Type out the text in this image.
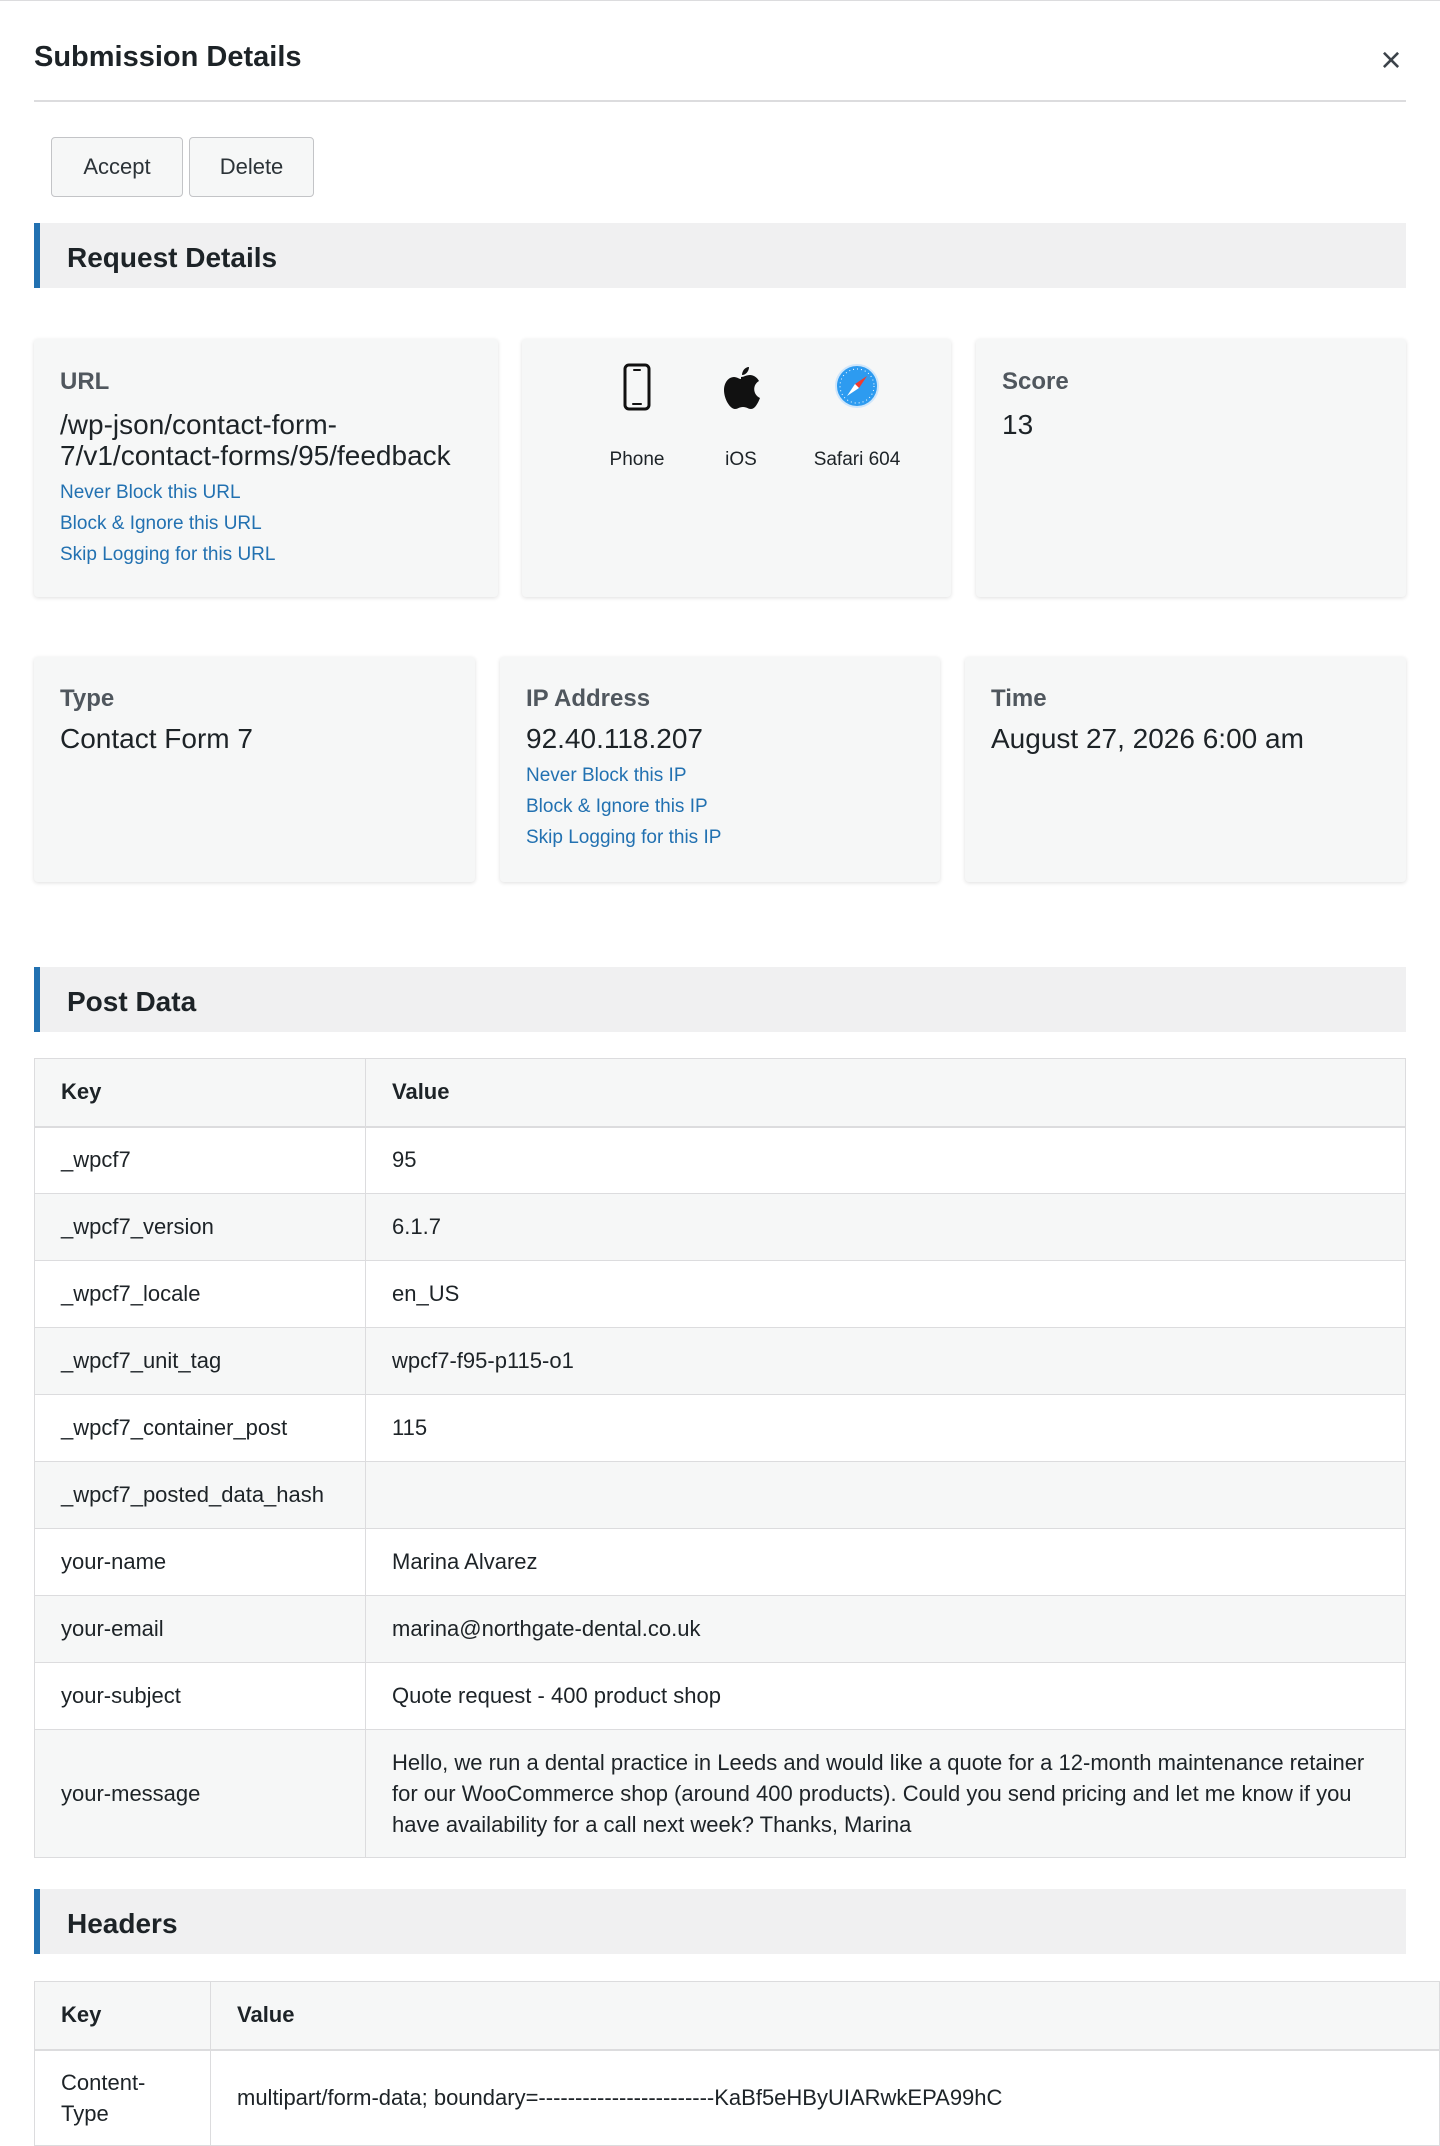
Submission Details	×
Accept	Delete
Request Details
URL
/wp-json/contact-form-
7/v1/contact-forms/95/feedback
Never Block this URL
Block & Ignore this URL
Skip Logging for this URL
Phone	iOS	Safari 604
Score
13
Type
Contact Form 7
IP Address
92.40.118.207
Never Block this IP
Block & Ignore this IP
Skip Logging for this IP
Time
August 27, 2026 6:00 am
Post Data
Key	Value
_wpcf7	95
_wpcf7_version	6.1.7
_wpcf7_locale	en_US
_wpcf7_unit_tag	wpcf7-f95-p115-o1
_wpcf7_container_post	115
_wpcf7_posted_data_hash	
your-name	Marina Alvarez
your-email	marina@northgate-dental.co.uk
your-subject	Quote request - 400 product shop
your-message	Hello, we run a dental practice in Leeds and would like a quote for a 12-month maintenance retainer for our WooCommerce shop (around 400 products). Could you send pricing and let me know if you have availability for a call next week? Thanks, Marina
Headers
Key	Value
Content-Type	multipart/form-data; boundary=------------------------KaBf5eHByUIARwkEPA99hC
